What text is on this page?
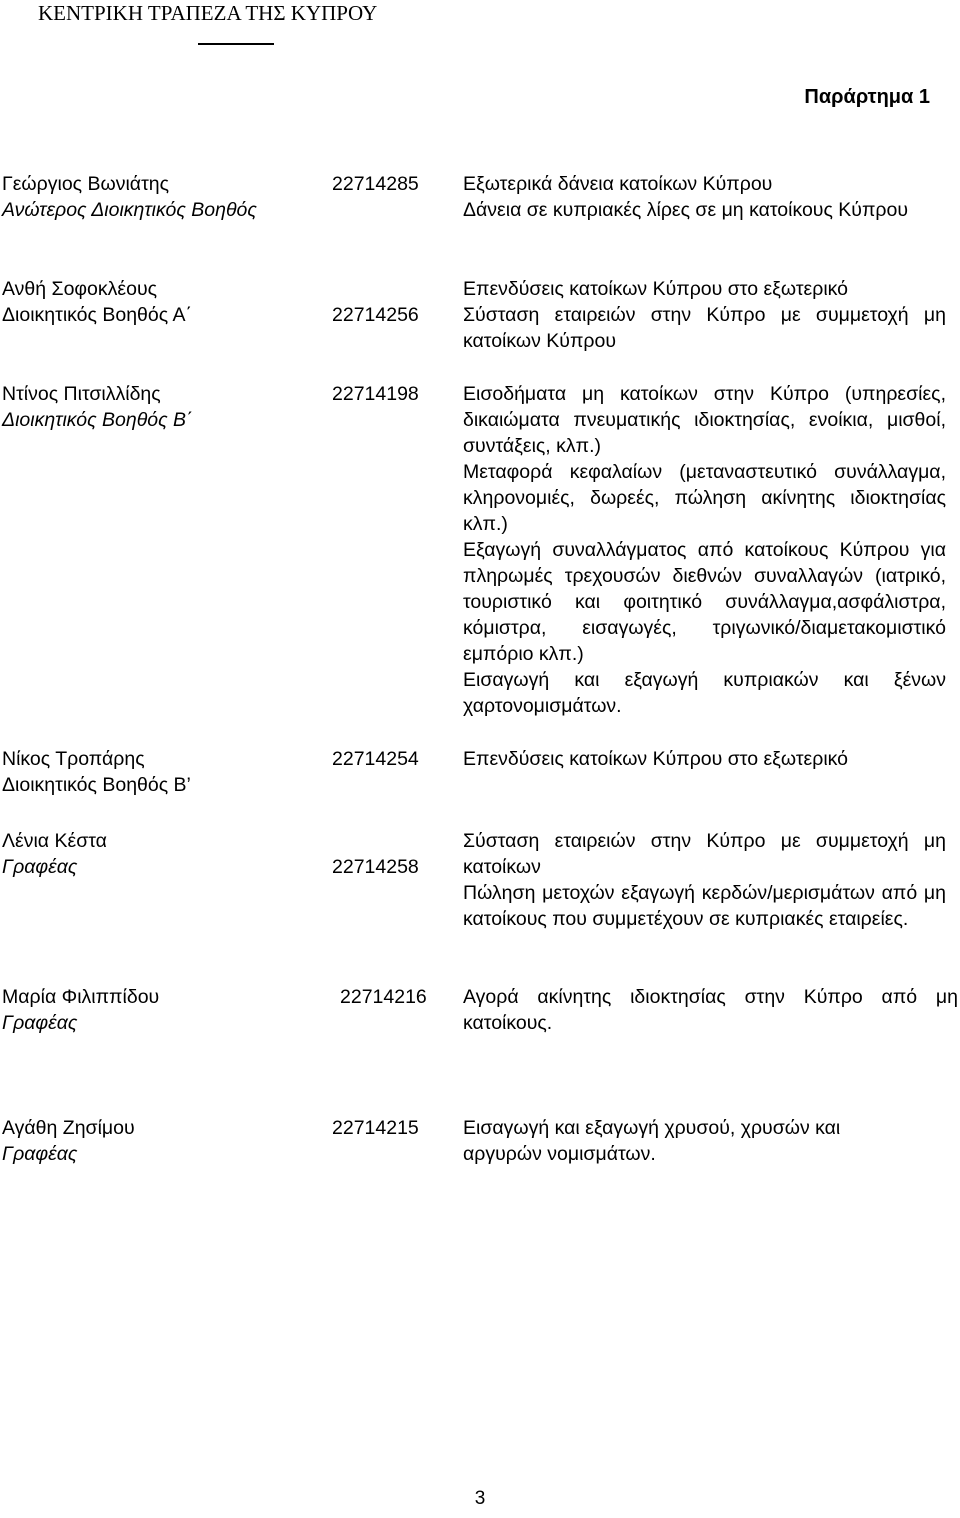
ΚΕΝΤΡΙΚΗ ΤΡΑΠΕΖΑ ΤΗΣ ΚΥΠΡΟΥ
Παράρτημα 1
Γεώργιος Βωνιάτης
Ανώτερος Διοικητικός Βοηθός
22714285 Εξωτερικά δάνεια κατοίκων Κύπρου

Δάνεια σε κυπριακές λίρες σε μη κατοίκους Κύπρου

Ανθή Σοφοκλέους
Διοικητικός Βοηθός Α΄	22714256

Επενδύσεις κατοίκων Κύπρου στο εξωτερικό

Σύσταση εταιρειών στην Κύπρο με συμμετοχή μη κατοίκων Κύπρου

Ντίνος Πιτσιλλίδης
Διοικητικός Βοηθός Β΄
22714198 Εισοδήματα μη κατοίκων στην Κύπρο (υπηρεσίες, δικαιώματα πνευματικής ιδιοκτησίας, ενοίκια, μισθοί, συντάξεις, κλπ.)

Μεταφορά κεφαλαίων (μεταναστευτικό συνάλλαγμα, κληρονομιές, δωρεές, πώληση ακίνητης ιδιοκτησίας κλπ.)

Εξαγωγή συναλλάγματος από κατοίκους Κύπρου για πληρωμές τρεχουσών διεθνών συναλλαγών (ιατρικό, τουριστικό και φοιτητικό συνάλλαγμα,ασφάλιστρα, κόμιστρα, εισαγωγές, τριγωνικό/διαμετακομιστικό εμπόριο κλπ.)

Εισαγωγή και εξαγωγή κυπριακών και ξένων χαρτονομισμάτων.

Νίκος Τροπάρης
Διοικητικός Βοηθός Β’
22714254 Επενδύσεις κατοίκων Κύπρου στο εξωτερικό

Λένια Κέστα
Γραφέας	22714258

Σύσταση εταιρειών στην Κύπρο με συμμετοχή μη κατοίκων

Πώληση μετοχών εξαγωγή κερδών/μερισμάτων από μη κατοίκους που συμμετέχουν σε κυπριακές εταιρείες.

Μαρία Φιλιππίδου
Γραφέας
22714216 Αγορά ακίνητης ιδιοκτησίας στην Κύπρο από μη κατοίκους.

Αγάθη Ζησίμου
Γραφέας
22714215 Εισαγωγή και εξαγωγή χρυσού, χρυσών και αργυρών νομισμάτων.

3
